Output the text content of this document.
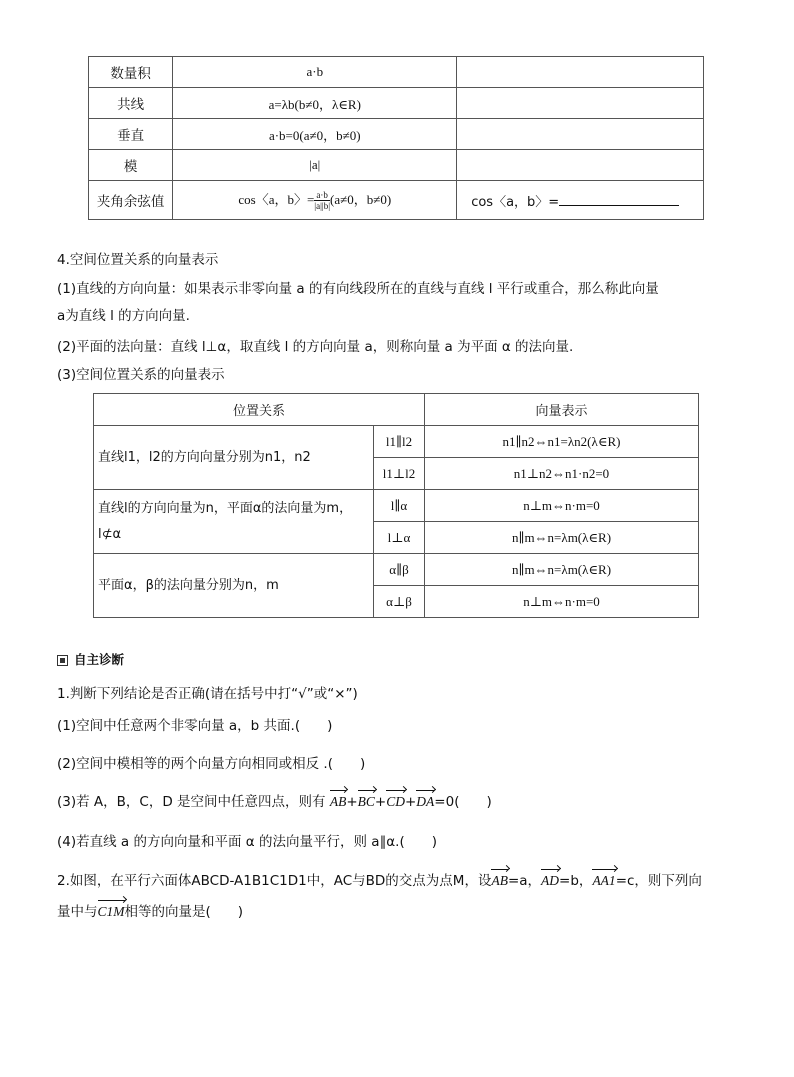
数量积	a·b	
共线	a=λb(b≠0，λ∈R)	
垂直	a·b=0(a≠0，b≠0)	
模	|a|	
夹角余弦值	cos〈a，b〉= $\frac{a\cdot b}{|a||b|} (a\ne 0$，b≠0)	cos〈a，b〉=
4.空间位置关系的向量表示
(1)直线的方向向量：如果表示非零向量 a 的有向线段所在的直线与直线 l 平行或重合，那么称此向量
a为直线 l 的方向向量.
(2)平面的法向量：直线 l⊥α，取直线 l 的方向向量 a，则称向量 a 为平面 α 的法向量.
(3)空间位置关系的向量表示
位置关系		向量表示
直线l1，l2的方向向量分别为n1，n2	l1∥l2	n1∥n2⇔n1=λn2(λ∈R)
	l1⊥l2	n1⊥n2⇔n1·n2=0
直线l的方向向量为n，平面α的法向量为m，l⊄α	l∥α	n⊥m⇔n·m=0
	l⊥α	n∥m⇔n=λm(λ∈R)
平面α，β的法向量分别为n，m	α∥β	n∥m⇔n=λm(λ∈R)
	α⊥β	n⊥m⇔n·m=0
自主诊断
1.判断下列结论是否正确(请在括号中打“√”或“×”)
(1)空间中任意两个非零向量 a，b 共面.(　　)
(2)空间中模相等的两个向量方向相同或相反 .(　　)
(3)若 A，B，C，D 是空间中任意四点，则有 AB+BC+CD+DA=0(　　)
(4)若直线 a 的方向向量和平面 α 的法向量平行，则 a∥α.(　　)
2.如图，在平行六面体ABCD-A1B1C1D1中，AC与BD的交点为点M，设AB=a，AD=b，AA1=c，则下列向
量中与C1M相等的向量是(　　)
